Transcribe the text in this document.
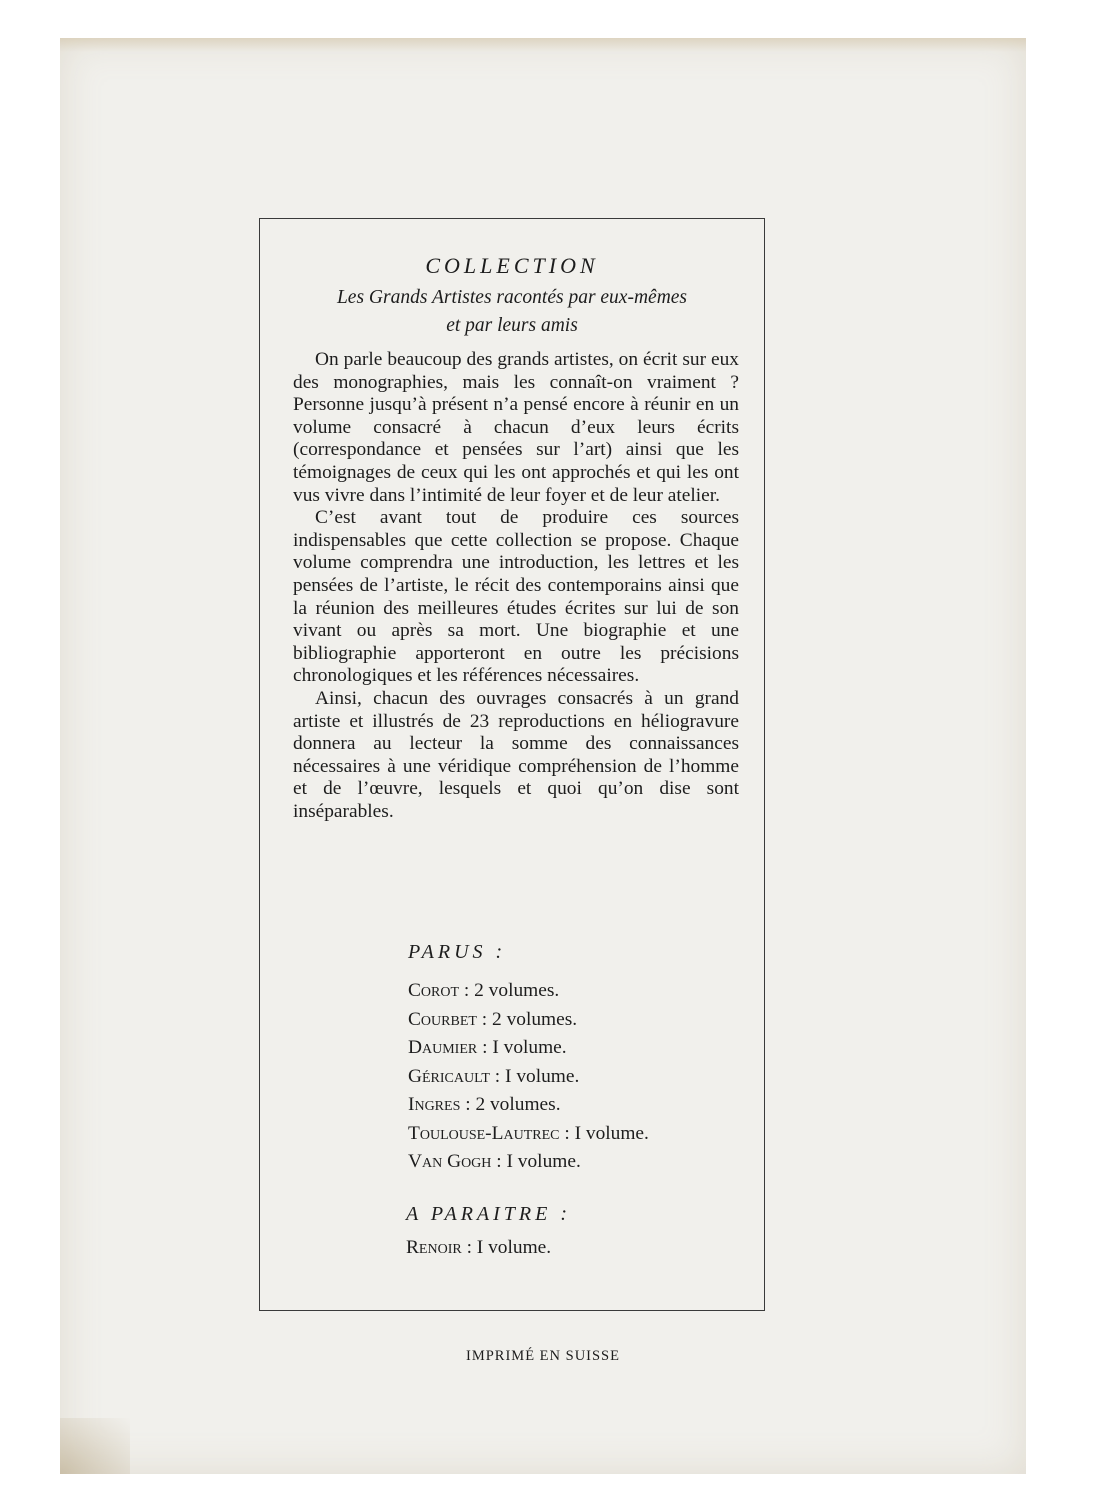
COLLECTION
Les Grands Artistes racontés par eux-mêmes
et par leurs amis

On parle beaucoup des grands artistes, on écrit sur eux des monographies, mais les connaît-on vraiment ? Personne jusqu’à présent n’a pensé encore à réunir en un volume consacré à chacun d’eux leurs écrits (correspondance et pensées sur l’art) ainsi que les témoignages de ceux qui les ont approchés et qui les ont vus vivre dans l’intimité de leur foyer et de leur atelier.

C’est avant tout de produire ces sources indispensables que cette collection se propose. Chaque volume comprendra une introduction, les lettres et les pensées de l’artiste, le récit des contemporains ainsi que la réunion des meilleures études écrites sur lui de son vivant ou après sa mort. Une biographie et une bibliographie apporteront en outre les précisions chronologiques et les références nécessaires.

Ainsi, chacun des ouvrages consacrés à un grand artiste et illustrés de 23 reproductions en héliogravure donnera au lecteur la somme des connaissances nécessaires à une véridique compréhension de l’homme et de l’œuvre, lesquels et quoi qu’on dise sont inséparables.

PARUS :
Corot : 2 volumes.
Courbet : 2 volumes.
Daumier : I volume.
Géricault : I volume.
Ingres : 2 volumes.
Toulouse-Lautrec : I volume.
Van Gogh : I volume.
A PARAITRE :
Renoir : I volume.
IMPRIMÉ EN SUISSE
